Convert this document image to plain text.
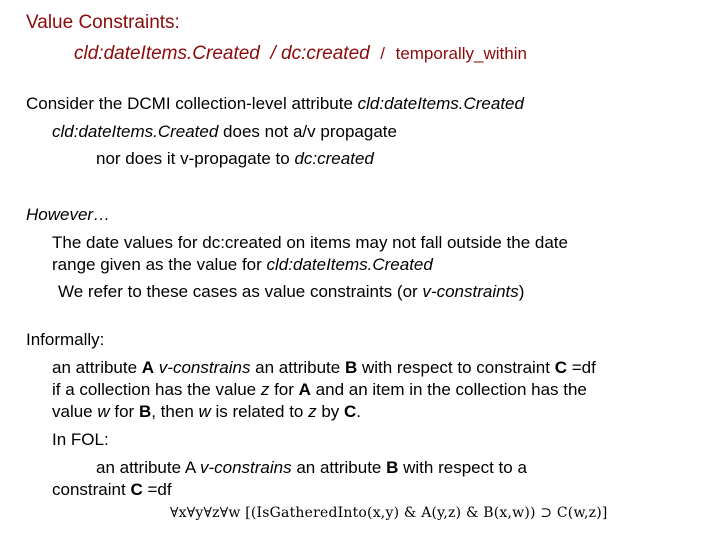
Value Constraints:
cld:dateItems.Created / dc:created / temporally_within
Consider the DCMI collection-level attribute cld:dateItems.Created
cld:dateItems.Created does not a/v propagate
nor does it v-propagate to dc:created
However…
The date values for dc:created on items may not fall outside the date
range given as the value for cld:dateItems.Created
We refer to these cases as value constraints (or v-constraints)
Informally:
an attribute A v-constrains an attribute B with respect to constraint C =df
if a collection has the value z for A and an item in the collection has the
value w for B, then w is related to z by C.
In FOL:
an attribute A v-constrains an attribute B with respect to a
constraint C =df
∀x∀y∀z∀w [(IsGatheredInto(x,y) & A(y,z) & B(x,w)) ⊃ C(w,z)]
